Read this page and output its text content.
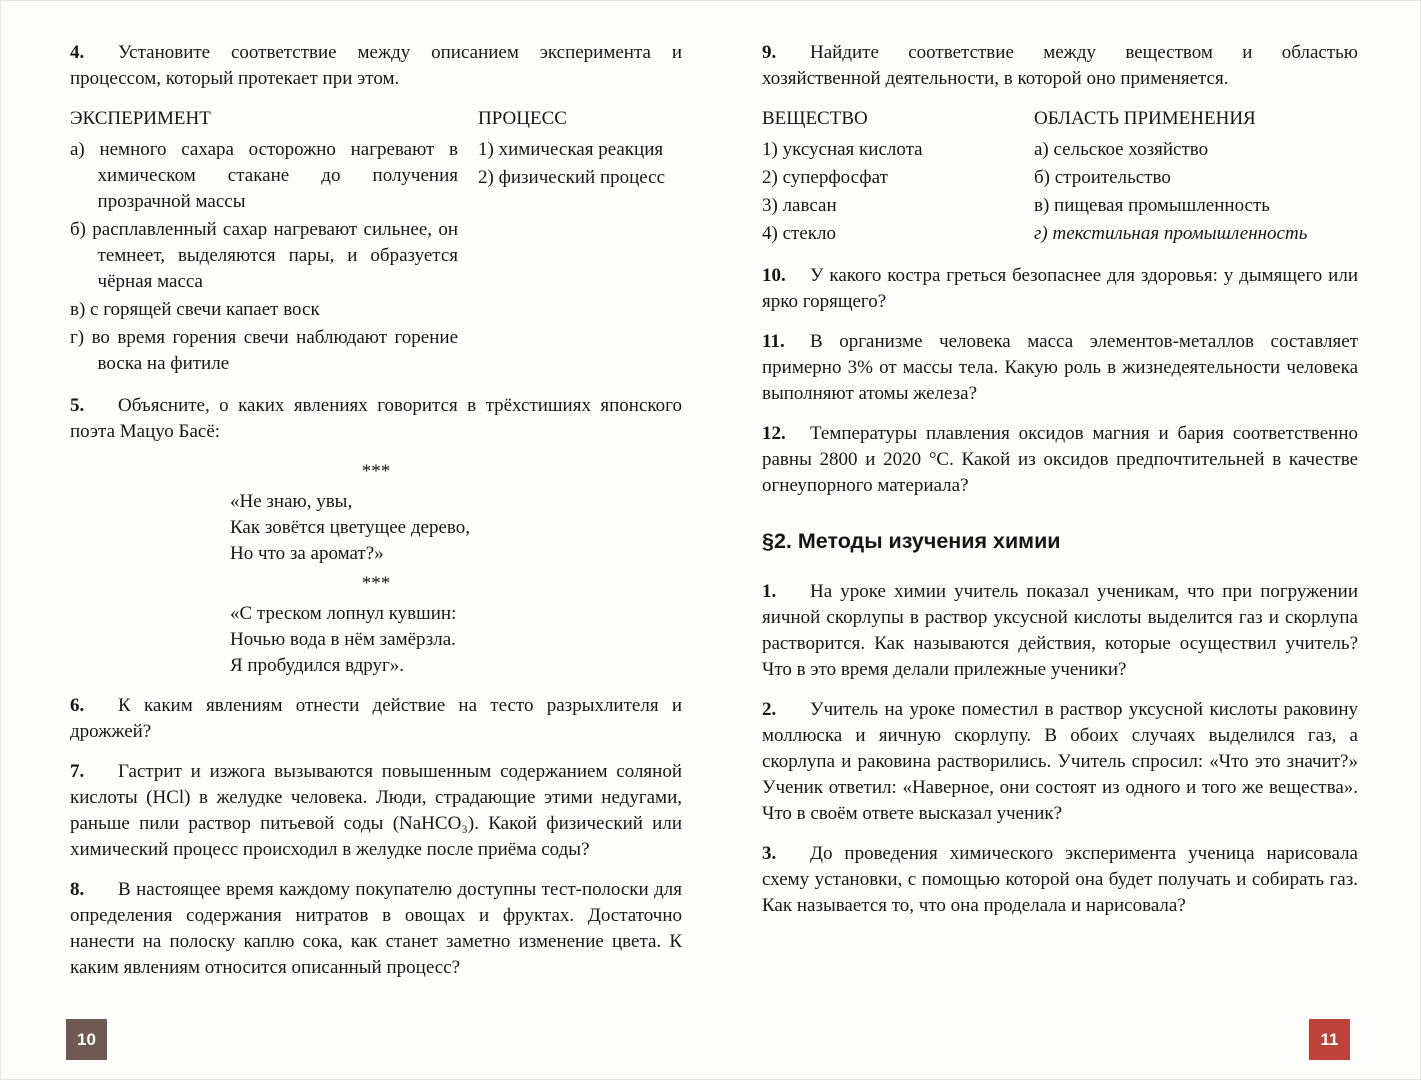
4. Установите соответствие между описанием эксперимента и процессом, который протекает при этом.

ЭКСПЕРИМЕНТ

а) немного сахара осторожно нагревают в химическом стакане до получения прозрачной массы

б) расплавленный сахар нагревают сильнее, он темнеет, выделяются пары, и образуется чёрная масса

в) с горящей свечи капает воск

г) во время горения свечи наблюдают горение воска на фитиле

ПРОЦЕСС

1) химическая реакция

2) физический процесс

5. Объясните, о каких явлениях говорится в трёхстишиях японского поэта Мацуо Басё:

***

«Не знаю, увы,

Как зовётся цветущее дерево,

Но что за аромат?»

***

«С треском лопнул кувшин:

Ночью вода в нём замёрзла.

Я пробудился вдруг».

6. К каким явлениям отнести действие на тесто разрыхлителя и дрожжей?

7. Гастрит и изжога вызываются повышенным содержанием соляной кислоты (HCl) в желудке человека. Люди, страдающие этими недугами, раньше пили раствор питьевой соды (NaHCO₃). Какой физический или химический процесс происходил в желудке после приёма соды?

8. В настоящее время каждому покупателю доступны тест-полоски для определения содержания нитратов в овощах и фруктах. Достаточно нанести на полоску каплю сока, как станет заметно изменение цвета. К каким явлениям относится описанный процесс?

9. Найдите соответствие между веществом и областью хозяйственной деятельности, в которой оно применяется.

ВЕЩЕСТВО

1) уксусная кислота

2) суперфосфат

3) лавсан

4) стекло

ОБЛАСТЬ ПРИМЕНЕНИЯ

а) сельское хозяйство

б) строительство

в) пищевая промышленность

г) текстильная промышленность

10. У какого костра греться безопаснее для здоровья: у дымящего или ярко горящего?

11. В организме человека масса элементов-металлов составляет примерно 3% от массы тела. Какую роль в жизнедеятельности человека выполняют атомы железа?

12. Температуры плавления оксидов магния и бария соответственно равны 2800 и 2020 °С. Какой из оксидов предпочтительней в качестве огнеупорного материала?

§2. Методы изучения химии

1. На уроке химии учитель показал ученикам, что при погружении яичной скорлупы в раствор уксусной кислоты выделится газ и скорлупа растворится. Как называются действия, которые осуществил учитель? Что в это время делали прилежные ученики?

2. Учитель на уроке поместил в раствор уксусной кислоты раковину моллюска и яичную скорлупу. В обоих случаях выделился газ, а скорлупа и раковина растворились. Учитель спросил: «Что это значит?» Ученик ответил: «Наверное, они состоят из одного и того же вещества». Что в своём ответе высказал ученик?

3. До проведения химического эксперимента ученица нарисовала схему установки, с помощью которой она будет получать и собирать газ. Как называется то, что она проделала и нарисовала?

10	11
